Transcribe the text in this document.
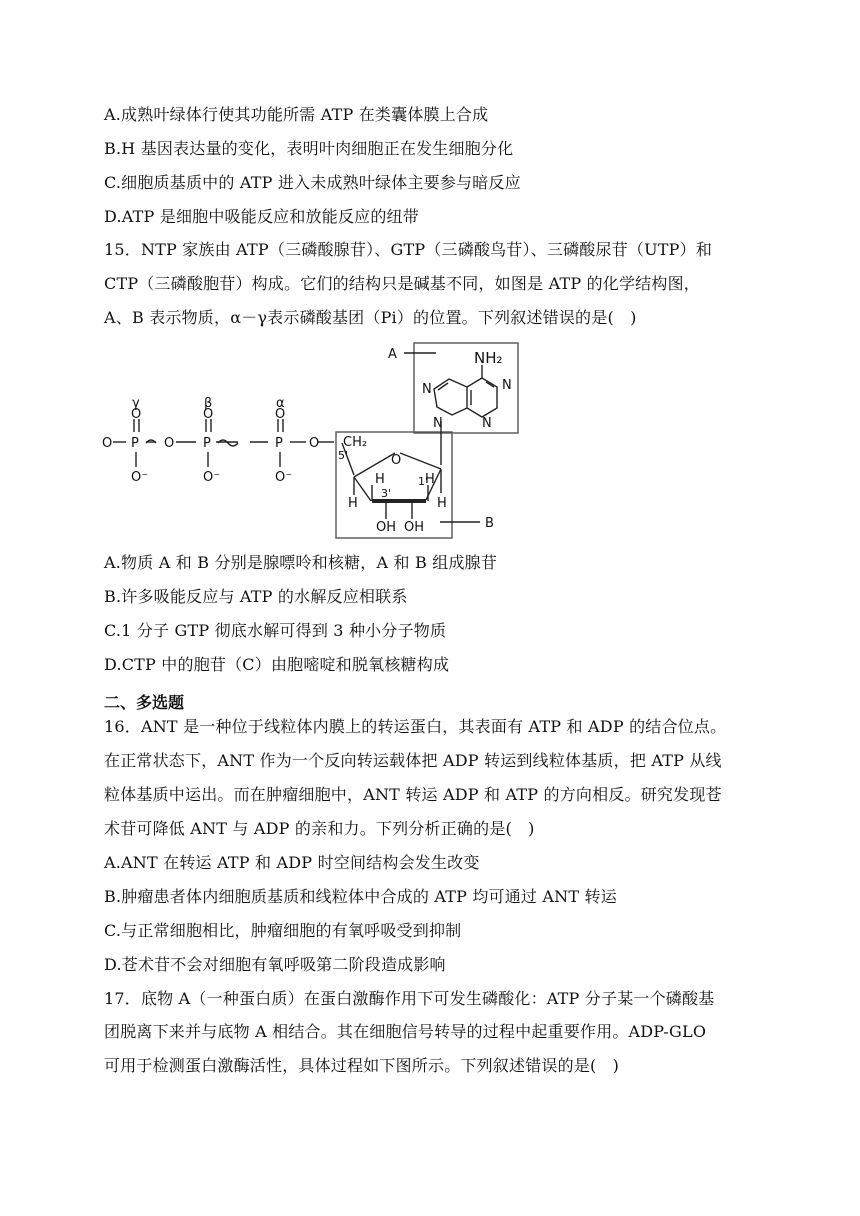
A.成熟叶绿体行使其功能所需 ATP 在类囊体膜上合成
B.H 基因表达量的变化，表明叶肉细胞正在发生细胞分化
C.细胞质基质中的 ATP 进入未成熟叶绿体主要参与暗反应
D.ATP 是细胞中吸能反应和放能反应的纽带
15．NTP 家族由 ATP（三磷酸腺苷）、GTP（三磷酸鸟苷）、三磷酸尿苷（UTP）和
CTP（三磷酸胞苷）构成。它们的结构只是碱基不同，如图是 ATP 的化学结构图，
A、B 表示物质，α－γ表示磷酸基团（Pi）的位置。下列叙述错误的是(　)
A
B
NH₂
N
N
N
N
O
CH₂
5'
3'
1'
H
H	H
H
OH OH
γ	β	α
O	O	O
O P O P	P O
O⁻	O⁻	O⁻
A.物质 A 和 B 分别是腺嘌呤和核糖，A 和 B 组成腺苷
B.许多吸能反应与 ATP 的水解反应相联系
C.1 分子 GTP 彻底水解可得到 3 种小分子物质
D.CTP 中的胞苷（C）由胞嘧啶和脱氧核糖构成
二、多选题
16．ANT 是一种位于线粒体内膜上的转运蛋白，其表面有 ATP 和 ADP 的结合位点。
在正常状态下，ANT 作为一个反向转运载体把 ADP 转运到线粒体基质，把 ATP 从线
粒体基质中运出。而在肿瘤细胞中，ANT 转运 ADP 和 ATP 的方向相反。研究发现苍
术苷可降低 ANT 与 ADP 的亲和力。下列分析正确的是(　)
A.ANT 在转运 ATP 和 ADP 时空间结构会发生改变
B.肿瘤患者体内细胞质基质和线粒体中合成的 ATP 均可通过 ANT 转运
C.与正常细胞相比，肿瘤细胞的有氧呼吸受到抑制
D.苍术苷不会对细胞有氧呼吸第二阶段造成影响
17．底物 A（一种蛋白质）在蛋白激酶作用下可发生磷酸化：ATP 分子某一个磷酸基
团脱离下来并与底物 A 相结合。其在细胞信号转导的过程中起重要作用。ADP-GLO
可用于检测蛋白激酶活性，具体过程如下图所示。下列叙述错误的是(　)
